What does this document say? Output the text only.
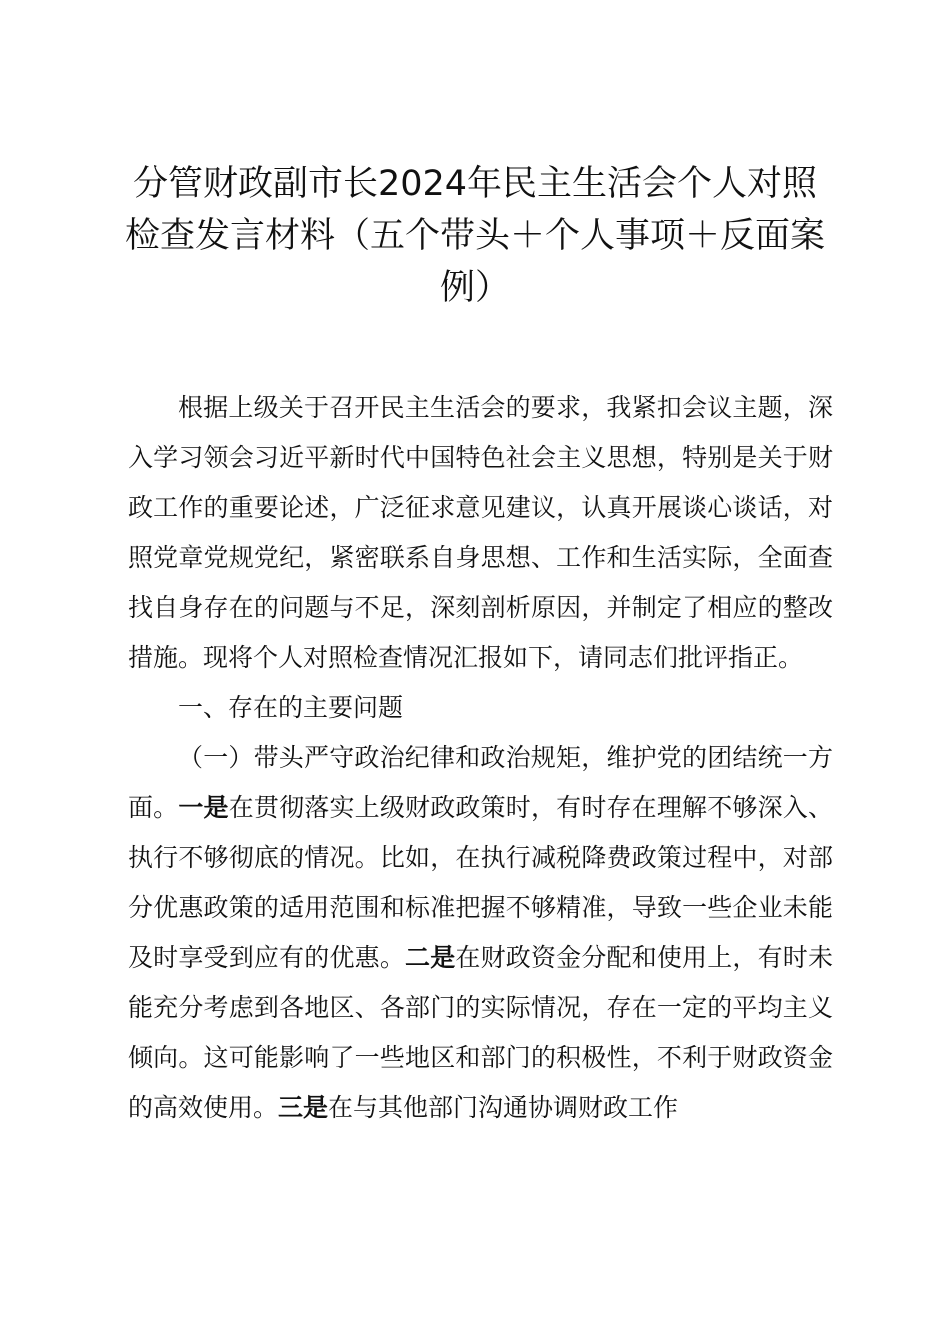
分管财政副市长2024年民主生活会个人对照
检查发言材料（五个带头＋个人事项＋反面案
例）

根据上级关于召开民主生活会的要求，我紧扣会议主题，深入学习领会习近平新时代中国特色社会主义思想，特别是关于财政工作的重要论述，广泛征求意见建议，认真开展谈心谈话，对照党章党规党纪，紧密联系自身思想、工作和生活实际，全面查找自身存在的问题与不足，深刻剖析原因，并制定了相应的整改措施。现将个人对照检查情况汇报如下，请同志们批评指正。

一、存在的主要问题

（一）带头严守政治纪律和政治规矩，维护党的团结统一方面。一是在贯彻落实上级财政政策时，有时存在理解不够深入、执行不够彻底的情况。比如，在执行减税降费政策过程中，对部分优惠政策的适用范围和标准把握不够精准，导致一些企业未能及时享受到应有的优惠。二是在财政资金分配和使用上，有时未能充分考虑到各地区、各部门的实际情况，存在一定的平均主义倾向。这可能影响了一些地区和部门的积极性，不利于财政资金的高效使用。三是在与其他部门沟通协调财政工作
